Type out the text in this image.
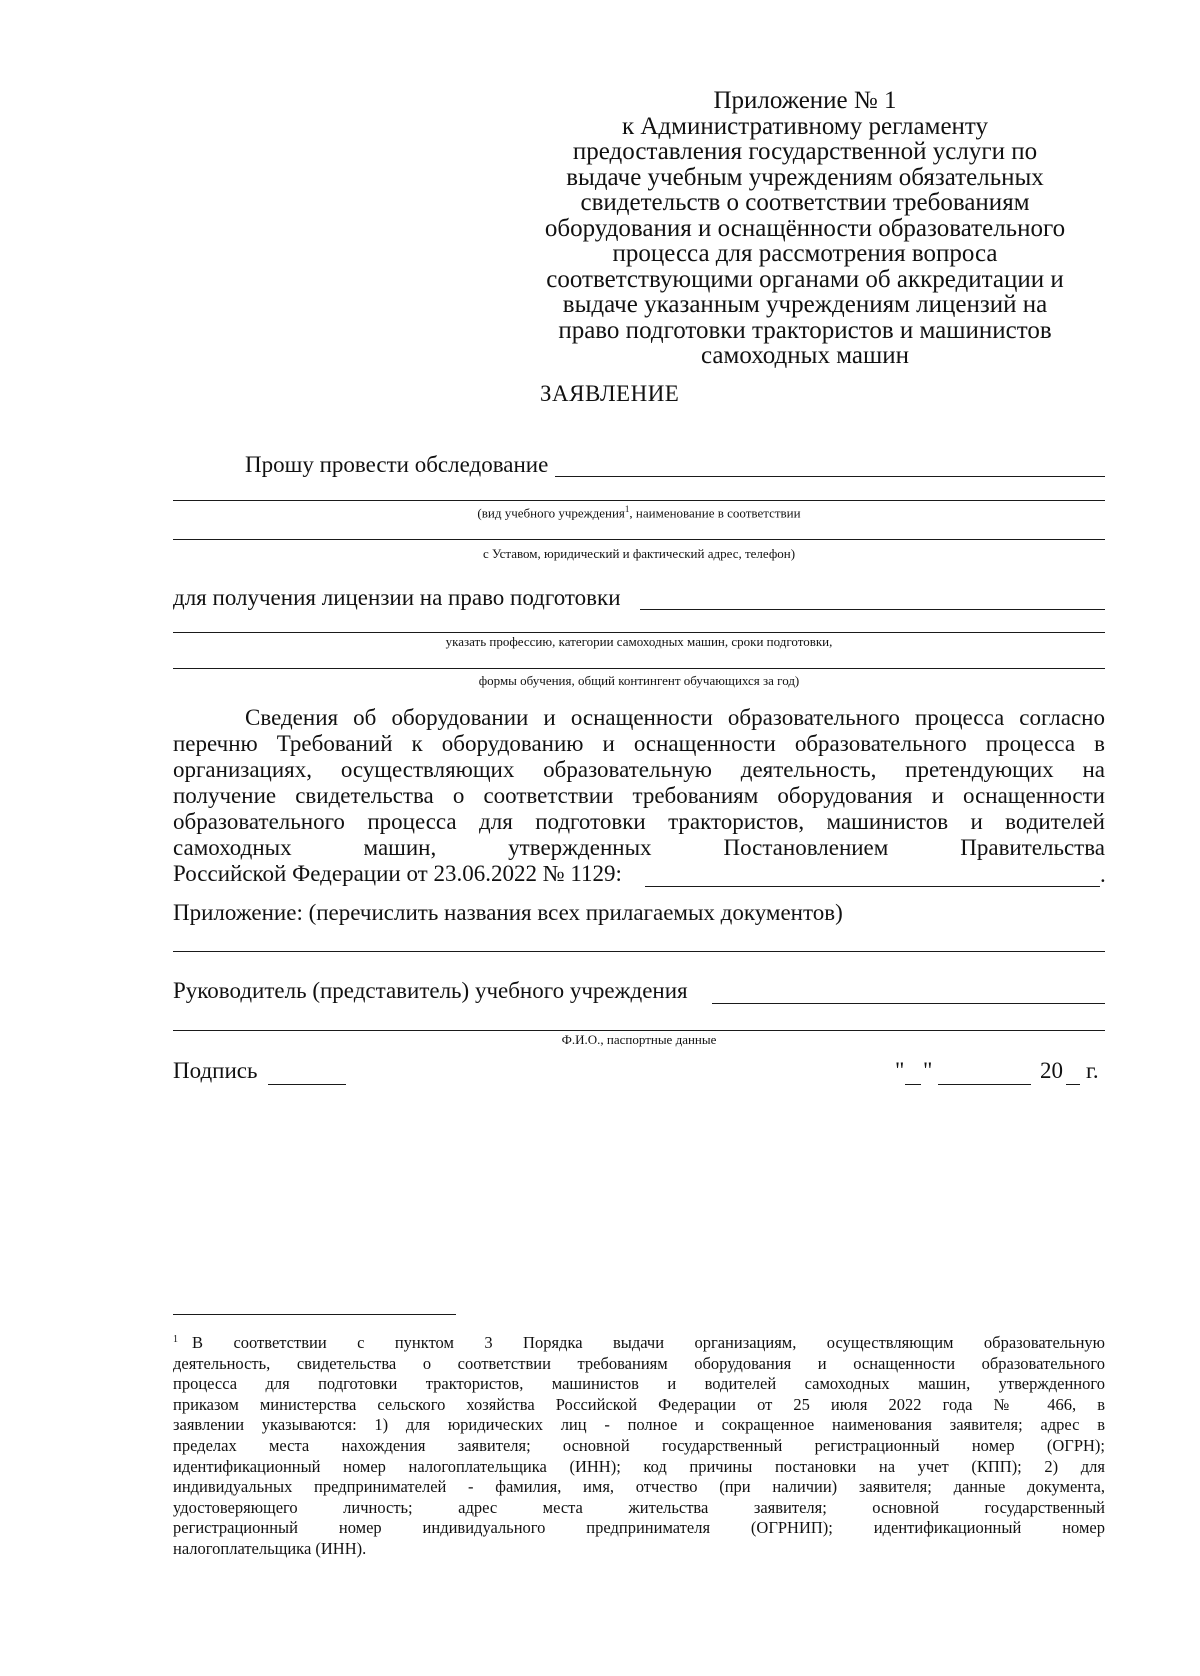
Приложение № 1
к Административному регламенту
предоставления государственной услуги по
выдаче учебным учреждениям обязательных
свидетельств о соответствии требованиям
оборудования и оснащённости образовательного
процесса для рассмотрения вопроса
соответствующими органами об аккредитации и
выдаче указанным учреждениям лицензий на
право подготовки трактористов и машинистов
самоходных машин
ЗАЯВЛЕНИЕ
Прошу провести обследование
(вид учебного учреждения$^1$, наименование в соответствии
с Уставом, юридический и фактический адрес, телефон)
для получения лицензии на право подготовки
указать профессию, категории самоходных машин, сроки подготовки,
формы обучения, общий контингент обучающихся за год)
Сведения об оборудовании и оснащенности образовательного процесса согласно
перечню Требований к оборудованию и оснащенности образовательного процесса в
организациях, осуществляющих образовательную деятельность, претендующих на
получение свидетельства о соответствии требованиям оборудования и оснащенности
образовательного процесса для подготовки трактористов, машинистов и водителей
самоходных машин, утвержденных Постановлением Правительства
Российской Федерации от 23.06.2022 № 1129:	.
Приложение: (перечислить названия всех прилагаемых документов)
Руководитель (представитель) учебного учреждения
Ф.И.О., паспортные данные
Подпись	" "	20 г.
$^1$ В соответствии с пунктом 3 Порядка выдачи организациям, осуществляющим образовательную
деятельность, свидетельства о соответствии требованиям оборудования и оснащенности образовательного
процесса для подготовки трактористов, машинистов и водителей самоходных машин, утвержденного
приказом министерства сельского хозяйства Российской Федерации от 25 июля 2022 года № 466, в
заявлении указываются: 1) для юридических лиц - полное и сокращенное наименования заявителя; адрес в
пределах места нахождения заявителя; основной государственный регистрационный номер (ОГРН);
идентификационный номер налогоплательщика (ИНН); код причины постановки на учет (КПП); 2) для
индивидуальных предпринимателей - фамилия, имя, отчество (при наличии) заявителя; данные документа,
удостоверяющего личность; адрес места жительства заявителя; основной государственный
регистрационный номер индивидуального предпринимателя (ОГРНИП); идентификационный номер
налогоплательщика (ИНН).
